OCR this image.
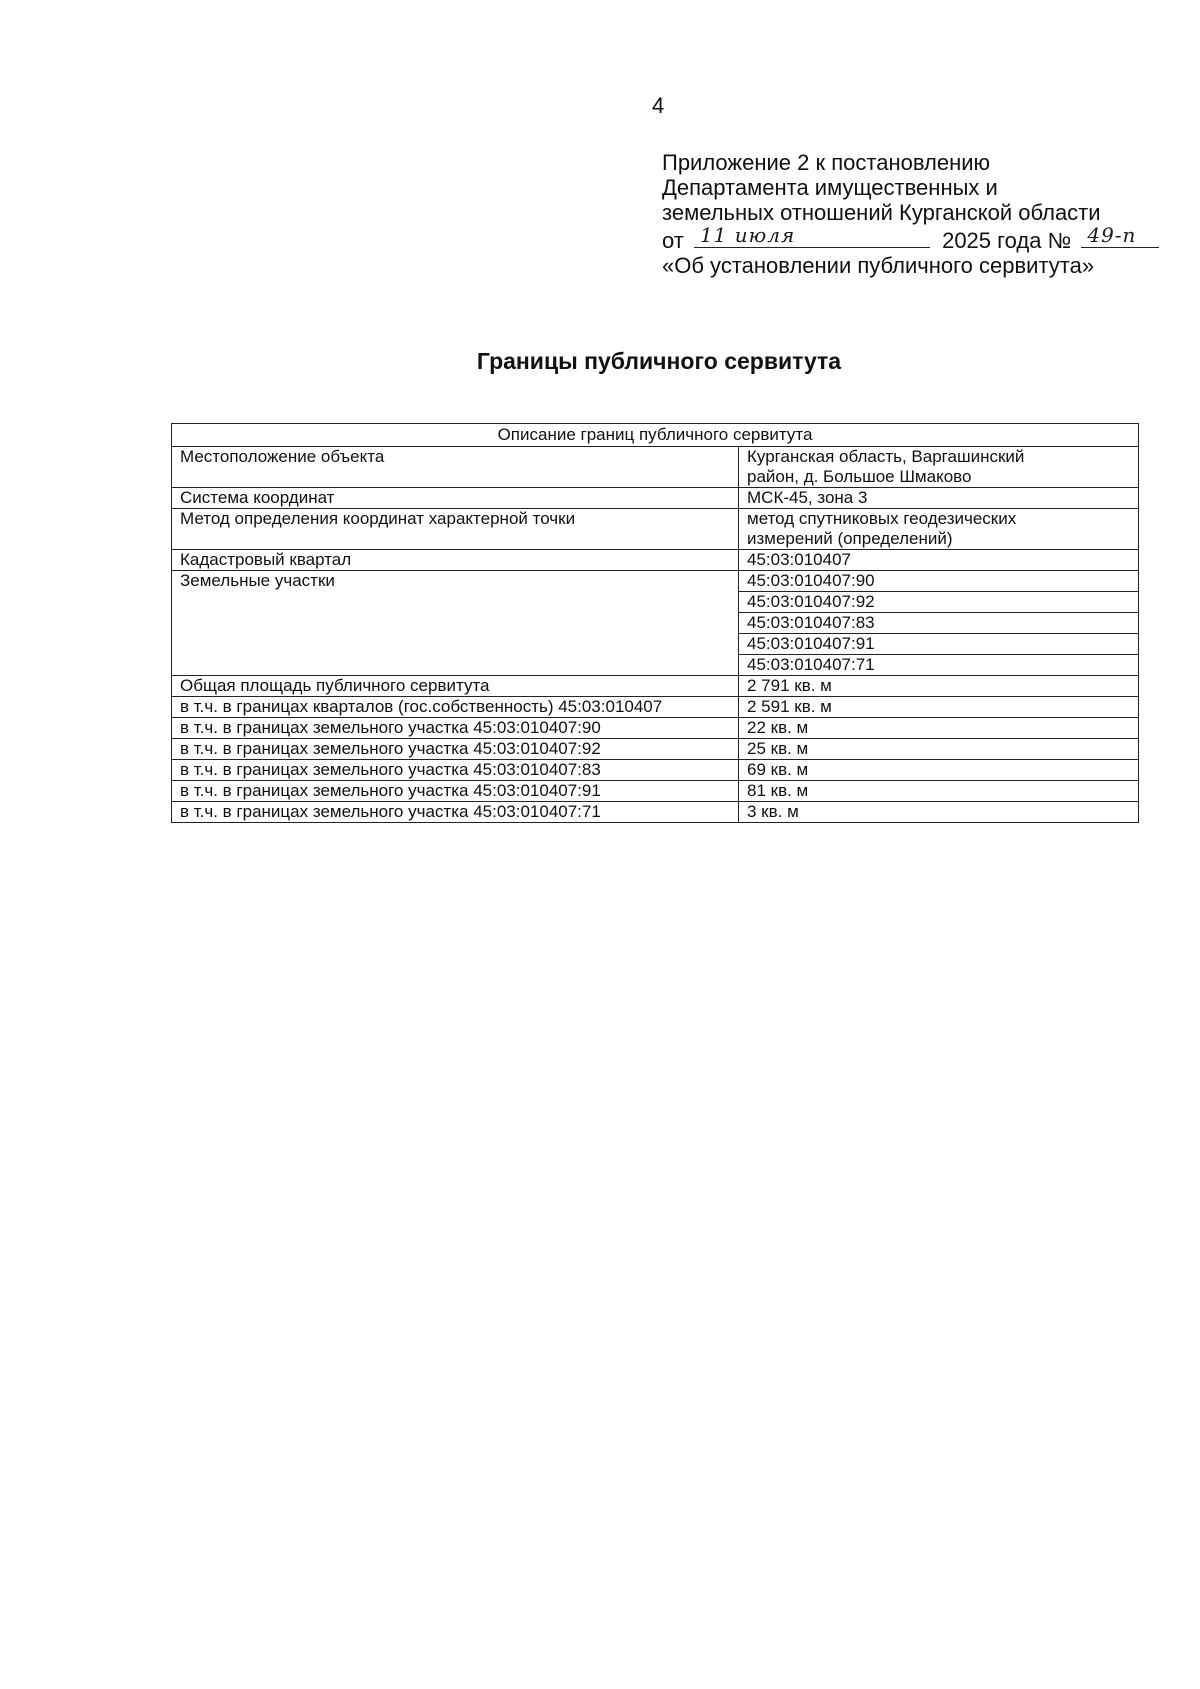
4
Приложение 2 к постановлению
Департамента имущественных и
земельных отношений Курганской области
от 11 июля	2025 года № 49-п
«Об установлении публичного сервитута»
Границы публичного сервитута
Описание границ публичного сервитута	
Местоположение объекта	Курганская область, Варгашинский
район, д. Большое Шмаково

Система координат	МСК-45, зона 3
Метод определения координат характерной точки	метод спутниковых геодезических
измерений (определений)

Кадастровый квартал	45:03:010407
Земельные участки	45:03:010407:90
	45:03:010407:92
	45:03:010407:83
	45:03:010407:91
	45:03:010407:71
Общая площадь публичного сервитута	2 791 кв. м
в т.ч. в границах кварталов (гос.собственность) 45:03:010407	2 591 кв. м
в т.ч. в границах земельного участка 45:03:010407:90	22 кв. м
в т.ч. в границах земельного участка 45:03:010407:92	25 кв. м
в т.ч. в границах земельного участка 45:03:010407:83	69 кв. м
в т.ч. в границах земельного участка 45:03:010407:91	81 кв. м
в т.ч. в границах земельного участка 45:03:010407:71	3 кв. м
